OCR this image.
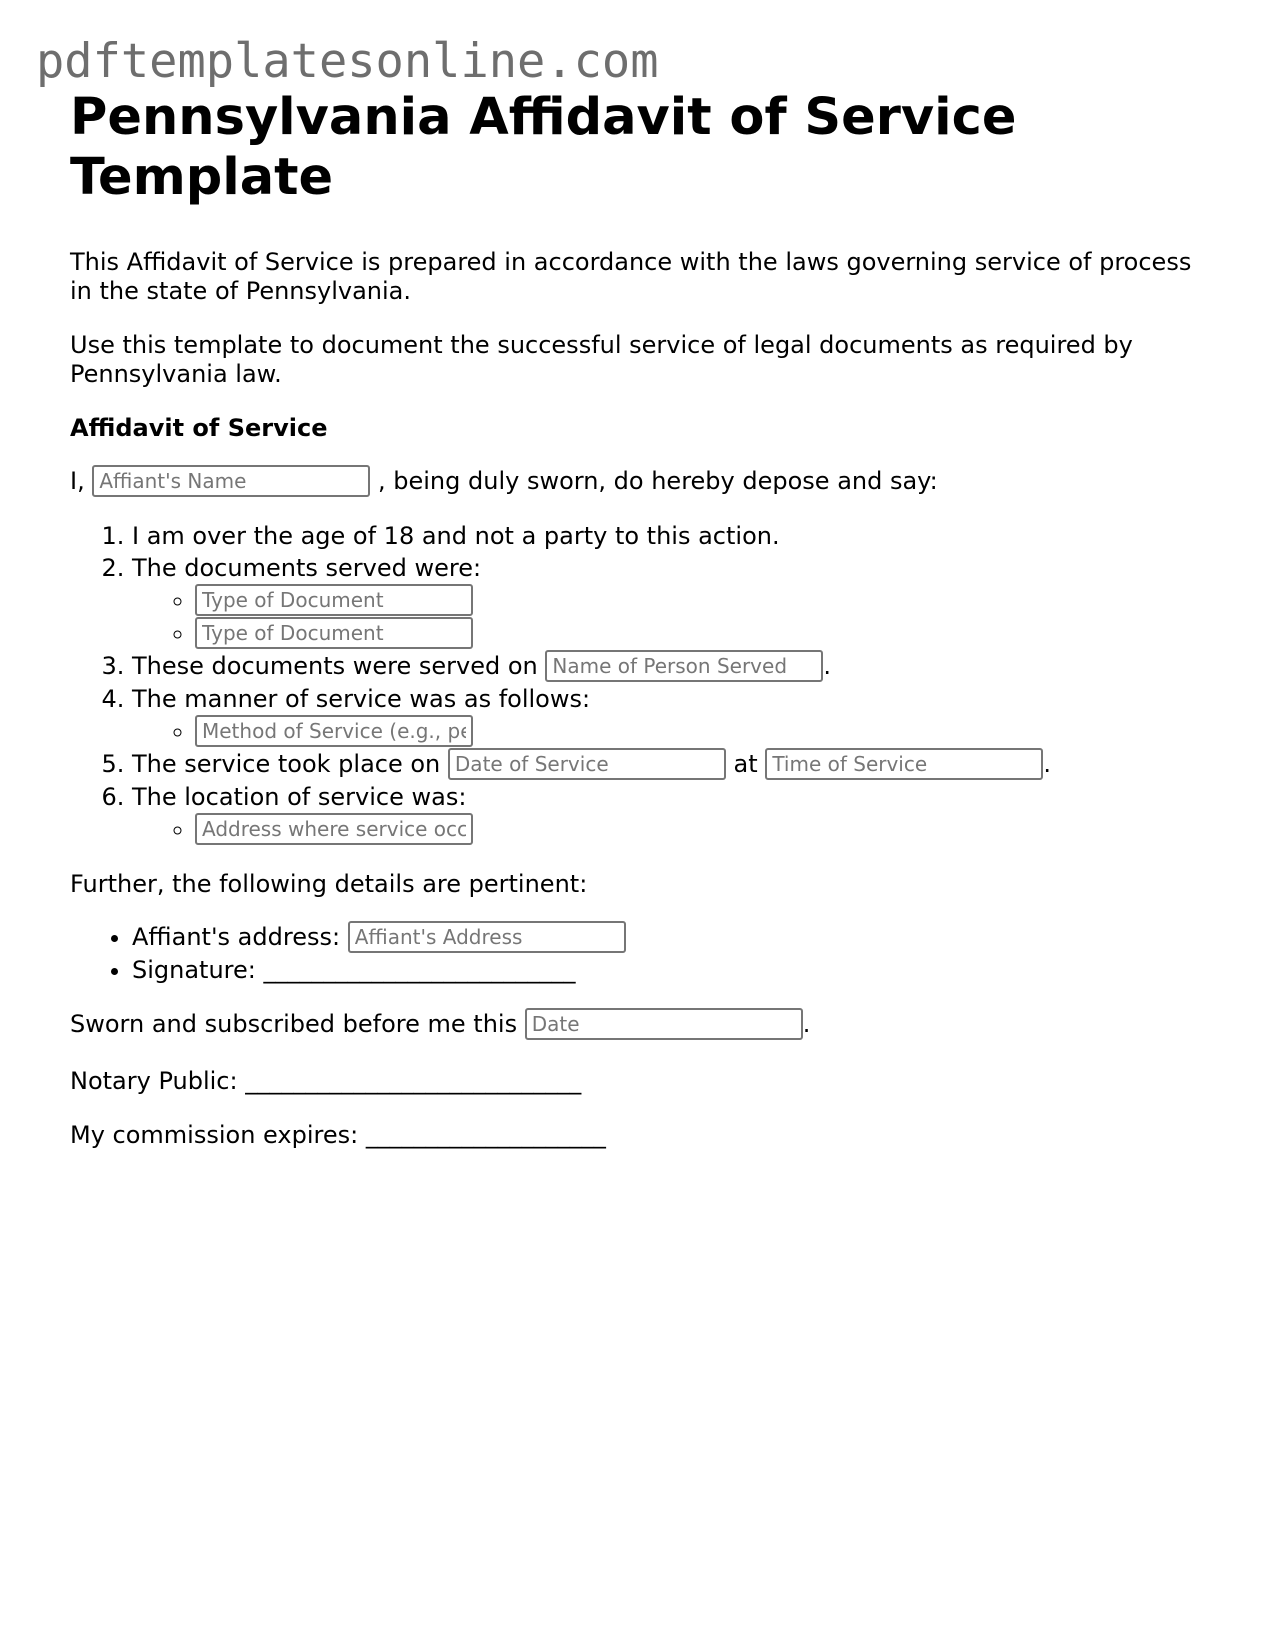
pdftemplatesonline.com
Pennsylvania Affidavit of Service Template

This Affidavit of Service is prepared in accordance with the laws governing service of process in the state of Pennsylvania.

Use this template to document the successful service of legal documents as required by Pennsylvania law.

Affidavit of Service
I, Affiant's Name	, being duly sworn, do hereby depose and say:
1. I am over the age of 18 and not a party to this action.
2. The documents served were:
◦ Type of Document
◦ Type of Document
3. These documents were served on Name of Person Served	.
4. The manner of service was as follows:
◦ Method of Service (e.g., personal, substituted, mail)
5. The service took place on Date of Service	at Time of Service	.
6. The location of service was:
◦ Address where service occurred

Further, the following details are pertinent:

• Affiant's address: Affiant's Address
• Signature: __________________________
Sworn and subscribed before me this Date	.
Notary Public: ____________________________
My commission expires: ____________________
